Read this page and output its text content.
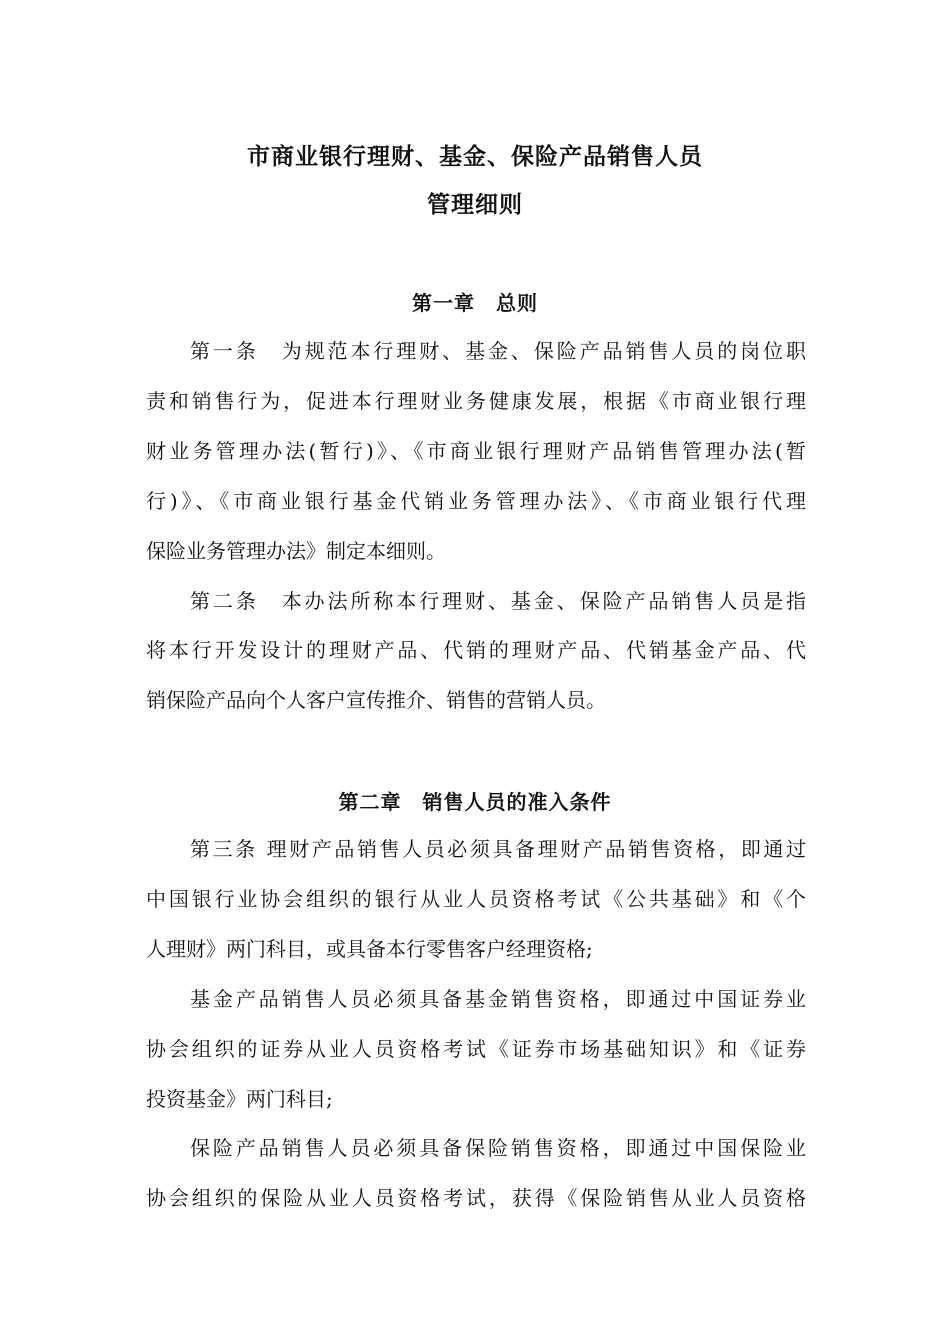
市商业银行理财、基金、保险产品销售人员
管理细则
第一章　总则
第一条　为规范本行理财、基金、保险产品销售人员的岗位职
责和销售行为，促进本行理财业务健康发展，根据《市商业银行理
财业务管理办法(暂行)》、《市商业银行理财产品销售管理办法(暂
行)》、《市商业银行基金代销业务管理办法》、《市商业银行代理
保险业务管理办法》制定本细则。
第二条　本办法所称本行理财、基金、保险产品销售人员是指
将本行开发设计的理财产品、代销的理财产品、代销基金产品、代
销保险产品向个人客户宣传推介、销售的营销人员。
第二章　销售人员的准入条件
第三条 理财产品销售人员必须具备理财产品销售资格，即通过
中国银行业协会组织的银行从业人员资格考试《公共基础》和《个
人理财》两门科目，或具备本行零售客户经理资格;
基金产品销售人员必须具备基金销售资格，即通过中国证券业
协会组织的证券从业人员资格考试《证券市场基础知识》和《证券
投资基金》两门科目;
保险产品销售人员必须具备保险销售资格，即通过中国保险业
协会组织的保险从业人员资格考试，获得《保险销售从业人员资格
